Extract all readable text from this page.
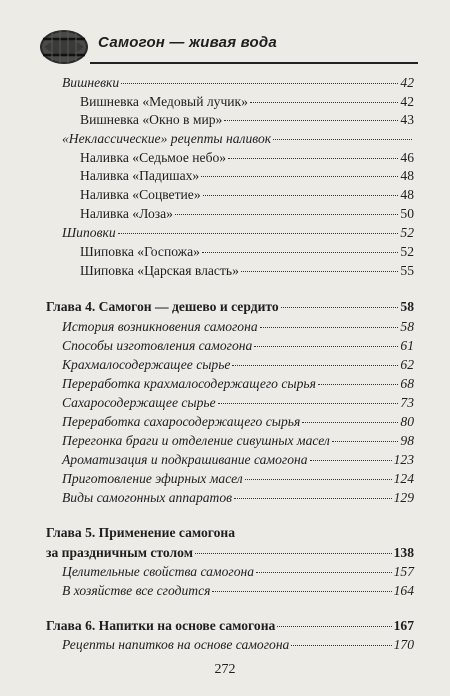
Самогон — живая вода
Вишневки	42
Вишневка «Медовый лучик»	42
Вишневка «Окно в мир»	43
«Неклассические» рецепты наливок
Наливка «Седьмое небо»	46
Наливка «Падишах»	48
Наливка «Соцветие»	48
Наливка «Лоза»	50
Шиповки	52
Шиповка «Госпожа»	52
Шиповка «Царская власть»	55
Глава 4. Самогон — дешево и сердито	58
История возникновения самогона	58
Способы изготовления самогона	61
Крахмалосодержащее сырье	62
Переработка крахмалосодержащего сырья	68
Сахаросодержащее сырье	73
Переработка сахаросодержащего сырья	80
Перегонка браги и отделение сивушных масел	98
Ароматизация и подкрашивание самогона	123
Приготовление эфирных масел	124
Виды самогонных аппаратов	129
Глава 5. Применение самогона
за праздничным столом	138
Целительные свойства самогона	157
В хозяйстве все сгодится	164
Глава 6. Напитки на основе самогона	167
Рецепты напитков на основе самогона	170
272
